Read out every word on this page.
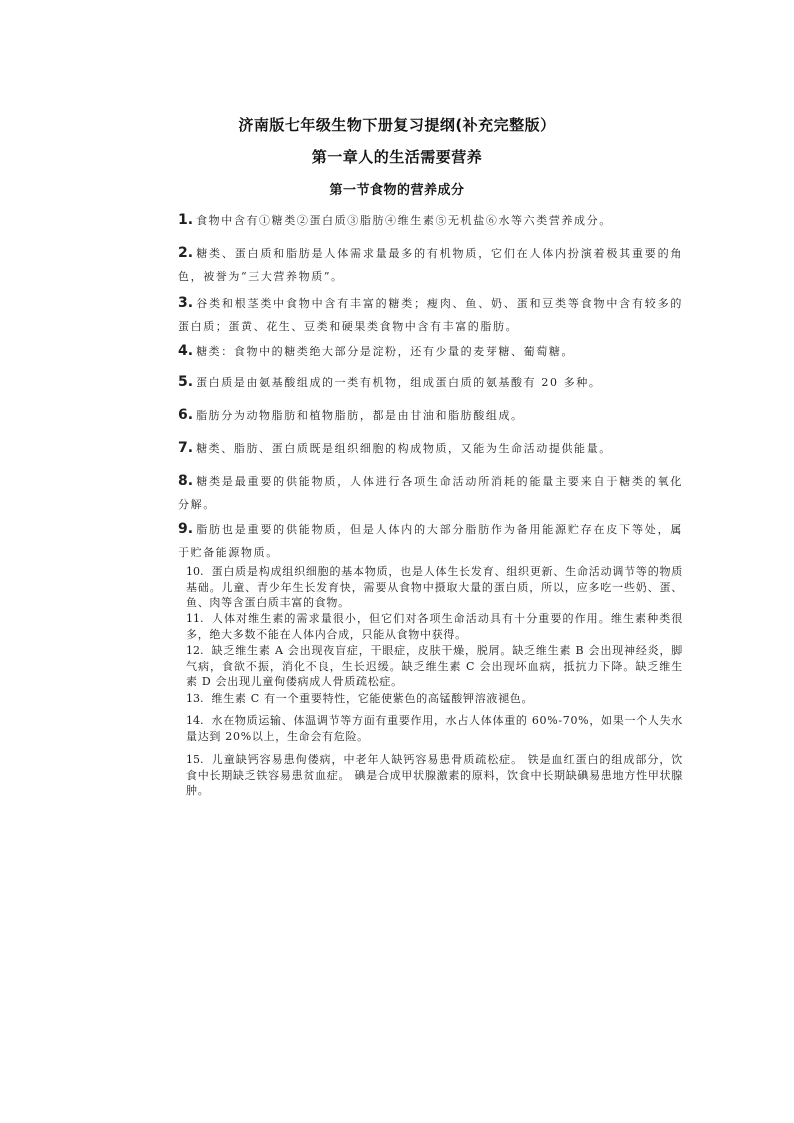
济南版七年级生物下册复习提纲(补充完整版）
第一章人的生活需要营养
第一节食物的营养成分
1. 食物中含有①糖类②蛋白质③脂肪④维生素⑤无机盐⑥水等六类营养成分。
2. 糖类、蛋白质和脂肪是人体需求量最多的有机物质，它们在人体内扮演着极其重要的角色，被誉为“三大营养物质”。
3. 谷类和根茎类中食物中含有丰富的糖类；瘦肉、鱼、奶、蛋和豆类等食物中含有较多的蛋白质；蛋黄、花生、豆类和硬果类食物中含有丰富的脂肪。
4. 糖类：食物中的糖类绝大部分是淀粉，还有少量的麦芽糖、葡萄糖。
5. 蛋白质是由氨基酸组成的一类有机物，组成蛋白质的氨基酸有 20 多种。
6. 脂肪分为动物脂肪和植物脂肪，都是由甘油和脂肪酸组成。
7. 糖类、脂肪、蛋白质既是组织细胞的构成物质，又能为生命活动提供能量。
8. 糖类是最重要的供能物质，人体进行各项生命活动所消耗的能量主要来自于糖类的氧化分解。
9. 脂肪也是重要的供能物质，但是人体内的大部分脂肪作为备用能源贮存在皮下等处，属于贮备能源物质。
10. 蛋白质是构成组织细胞的基本物质，也是人体生长发育、组织更新、生命活动调节等的物质基础。儿童、青少年生长发育快，需要从食物中摄取大量的蛋白质，所以，应多吃一些奶、蛋、鱼、肉等含蛋白质丰富的食物。
11. 人体对维生素的需求量很小，但它们对各项生命活动具有十分重要的作用。维生素种类很多，绝大多数不能在人体内合成，只能从食物中获得。
12. 缺乏维生素 A 会出现夜盲症，干眼症，皮肤干燥，脱屑。缺乏维生素 B 会出现神经炎，脚气病，食欲不振，消化不良，生长迟缓。缺乏维生素 C 会出现坏血病，抵抗力下降。缺乏维生素 D 会出现儿童佝偻病成人骨质疏松症。
13. 维生素 C 有一个重要特性，它能使紫色的高锰酸钾溶液褪色。
14. 水在物质运输、体温调节等方面有重要作用，水占人体体重的 60%-70%，如果一个人失水量达到 20%以上，生命会有危险。
15. 儿童缺钙容易患佝偻病，中老年人缺钙容易患骨质疏松症。 铁是血红蛋白的组成部分，饮食中长期缺乏铁容易患贫血症。 碘是合成甲状腺激素的原料，饮食中长期缺碘易患地方性甲状腺肿。
